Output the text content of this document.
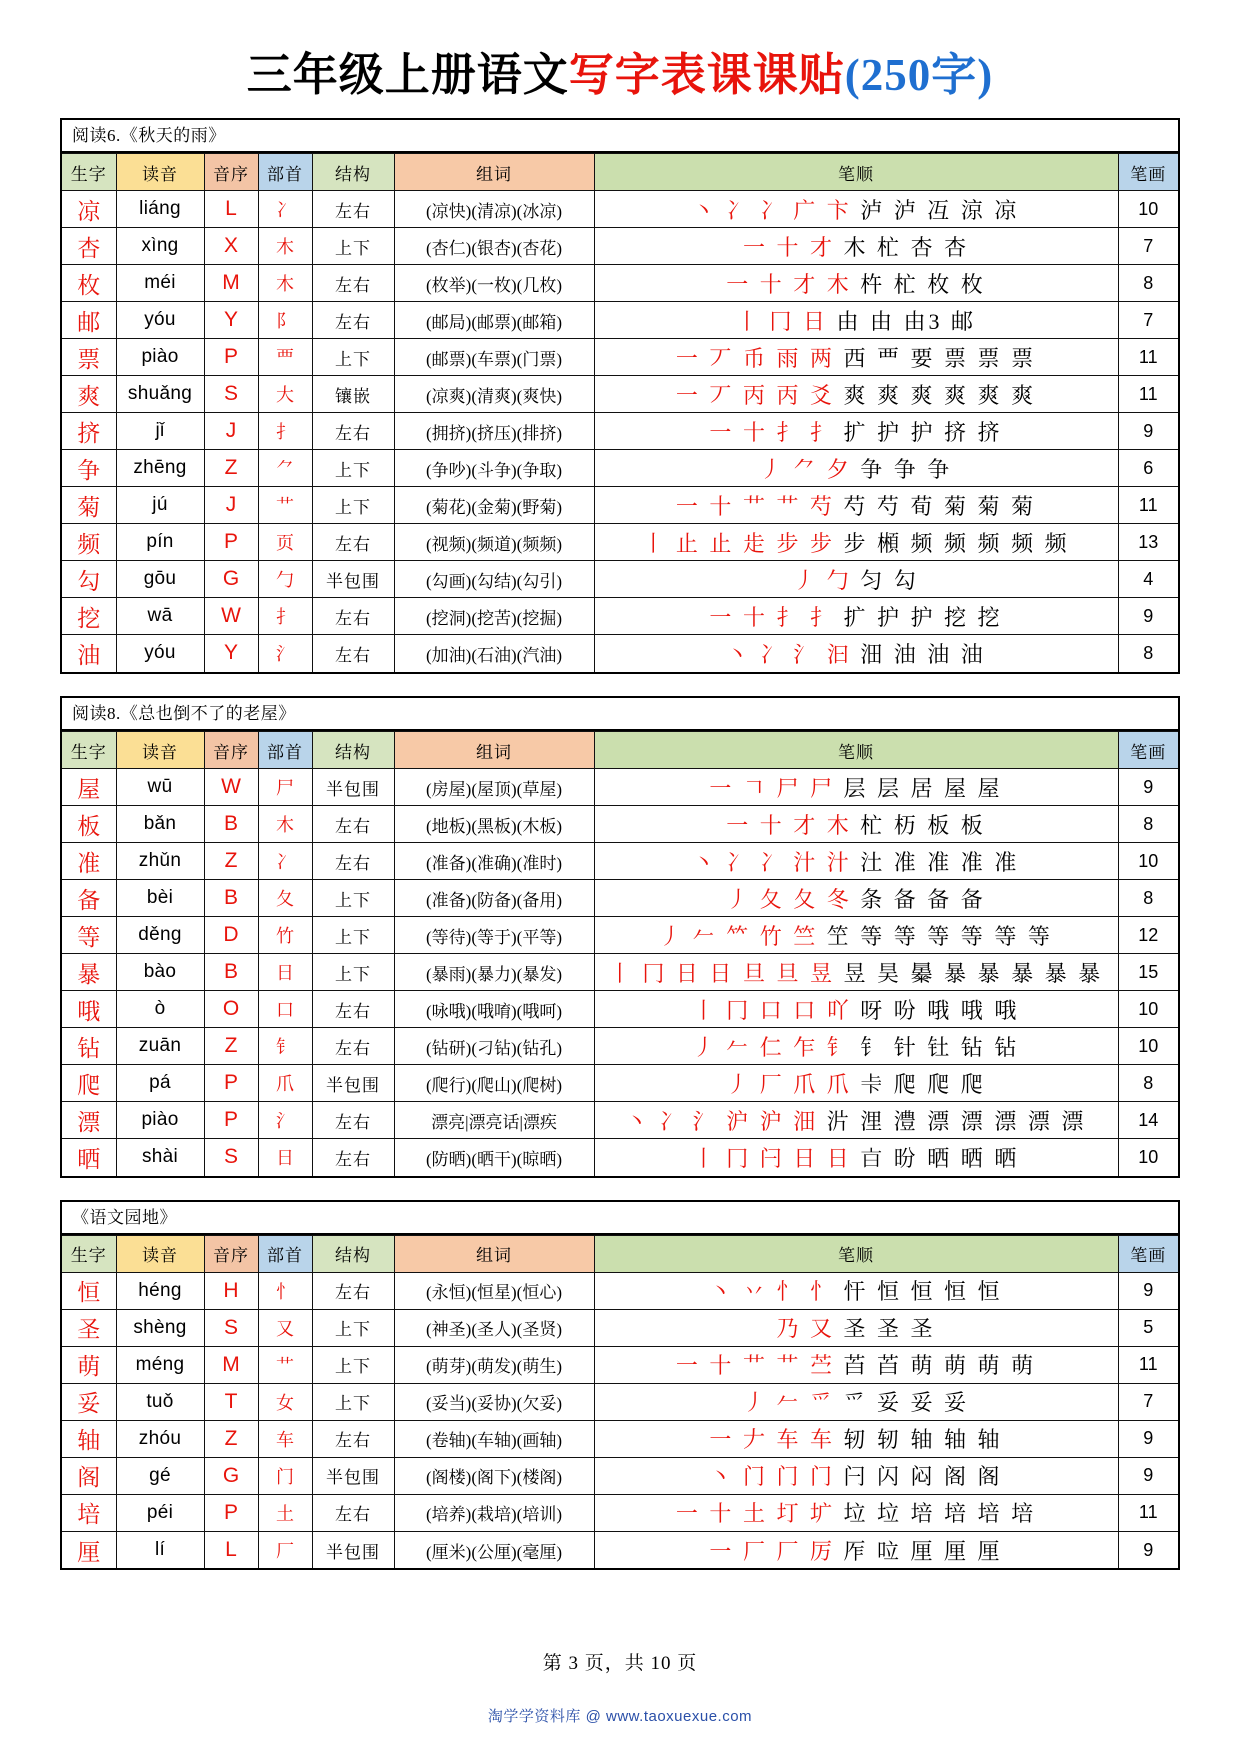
三年级上册语文写字表课课贴(250字)
阅读6.《秋天的雨》
生字	读音	音序	部首	结构	组词	笔顺	笔画
凉	liáng	L	冫	左右	(凉快)(清凉)(冰凉)	丶 冫 冫 广 卞 泸 泸 冱 涼 凉	10
杏	xìng	X	木	上下	(杏仁)(银杏)(杏花)	一 十 才 木 杧 杏 杏	7
枚	méi	M	木	左右	(枚举)(一枚)(几枚)	一 十 才 木 杵 杧 枚 枚	8
邮	yóu	Y	阝	左右	(邮局)(邮票)(邮箱)	丨 冂 日 由 由 由3 邮	7
票	piào	P	覀	上下	(邮票)(车票)(门票)	一 丆 币 雨 两 西 覀 要 票 票 票	11
爽	shuǎng	S	大	镶嵌	(凉爽)(清爽)(爽快)	一 丆 丙 丙 爻 爽 爽 爽 爽 爽 爽	11
挤	jǐ	J	扌	左右	(拥挤)(挤压)(排挤)	一 十 扌 扌 扩 护 护 挤 挤	9
争	zhēng	Z	⺈	上下	(争吵)(斗争)(争取)	丿 ⺈ 夕 争 争 争	6
菊	jú	J	艹	上下	(菊花)(金菊)(野菊)	一 十 艹 艹 芍 芍 芍 荀 菊 菊 菊	11
频	pín	P	页	左右	(视频)(频道)(频频)	丨 止 止 歨 步 步 步 䫐 频 频 频 频 频	13
勾	gōu	G	勹	半包围	(勾画)(勾结)(勾引)	丿 勹 匀 勾	4
挖	wā	W	扌	左右	(挖洞)(挖苦)(挖掘)	一 十 扌 扌 扩 护 护 挖 挖	9
油	yóu	Y	氵	左右	(加油)(石油)(汽油)	丶 冫 氵 汩 沺 油 油 油	8
阅读8.《总也倒不了的老屋》
生字	读音	音序	部首	结构	组词	笔顺	笔画
屋	wū	W	尸	半包围	(房屋)(屋顶)(草屋)	一 𠃍 尸 尸 层 层 居 屋 屋	9
板	bǎn	B	木	左右	(地板)(黑板)(木板)	一 十 才 木 杧 杤 板 板	8
准	zhǔn	Z	冫	左右	(准备)(准确)(准时)	丶 冫 冫 汁 汁 汢 准 准 准 准	10
备	bèi	B	夂	上下	(准备)(防备)(备用)	丿 夂 夂 冬 条 备 备 备	8
等	děng	D	竹	上下	(等待)(等于)(平等)	丿 𠂉 𥫗 竹 竺 笁 等 等 等 等 等 等	12
暴	bào	B	日	上下	(暴雨)(暴力)(暴发)	丨 冂 日 日 旦 旦 昱 昱 昊 㬥 暴 暴 暴 暴 暴	15
哦	ò	O	口	左右	(咏哦)(哦唷)(哦呵)	丨 冂 口 口 吖 呀 吩 哦 哦 哦	10
钻	zuān	Z	钅	左右	(钻研)(刁钻)(钻孔)	丿 𠂉 仁 乍 钅 钅 针 钍 钻 钻	10
爬	pá	P	爪	半包围	(爬行)(爬山)(爬树)	丿 厂 爪 爪 𠧗 爬 爬 爬	8
漂	piào	P	氵	左右	漂亮|漂亮话|漂疾	丶 冫 氵 沪 沪 沺 沜 浬 澧 漂 漂 漂 漂 漂	14
晒	shài	S	日	左右	(防晒)(晒干)(晾晒)	丨 冂 闩 日 日 𣅀 昐 晒 晒 晒	10
《语文园地》
生字	读音	音序	部首	结构	组词	笔顺	笔画
恒	héng	H	忄	左右	(永恒)(恒星)(恒心)	丶 丷 忄 忄 忓 恒 恒 恒 恒	9
圣	shèng	S	又	上下	(神圣)(圣人)(圣贤)	乃 又 圣 圣 圣	5
萌	méng	M	艹	上下	(萌芽)(萌发)(萌生)	一 十 艹 艹 苎 苩 苩 萌 萌 萌 萌	11
妥	tuǒ	T	女	上下	(妥当)(妥协)(欠妥)	丿 𠂉 爫 爫 妥 妥 妥	7
轴	zhóu	Z	车	左右	(卷轴)(车轴)(画轴)	一 𠂇 车 车 轫 轫 轴 轴 轴	9
阁	gé	G	门	半包围	(阁楼)(阁下)(楼阁)	丶 门 门 门 闩 闪 闷 阁 阁	9
培	péi	P	土	左右	(培养)(栽培)(培训)	一 十 土 圢 圹 垃 垃 培 培 培 培	11
厘	lí	L	厂	半包围	(厘米)(公厘)(毫厘)	一 厂 厂 厉 厏 㕸 厘 厘 厘	9
第 3 页，共 10 页
淘学学资料库 @ www.taoxuexue.com
